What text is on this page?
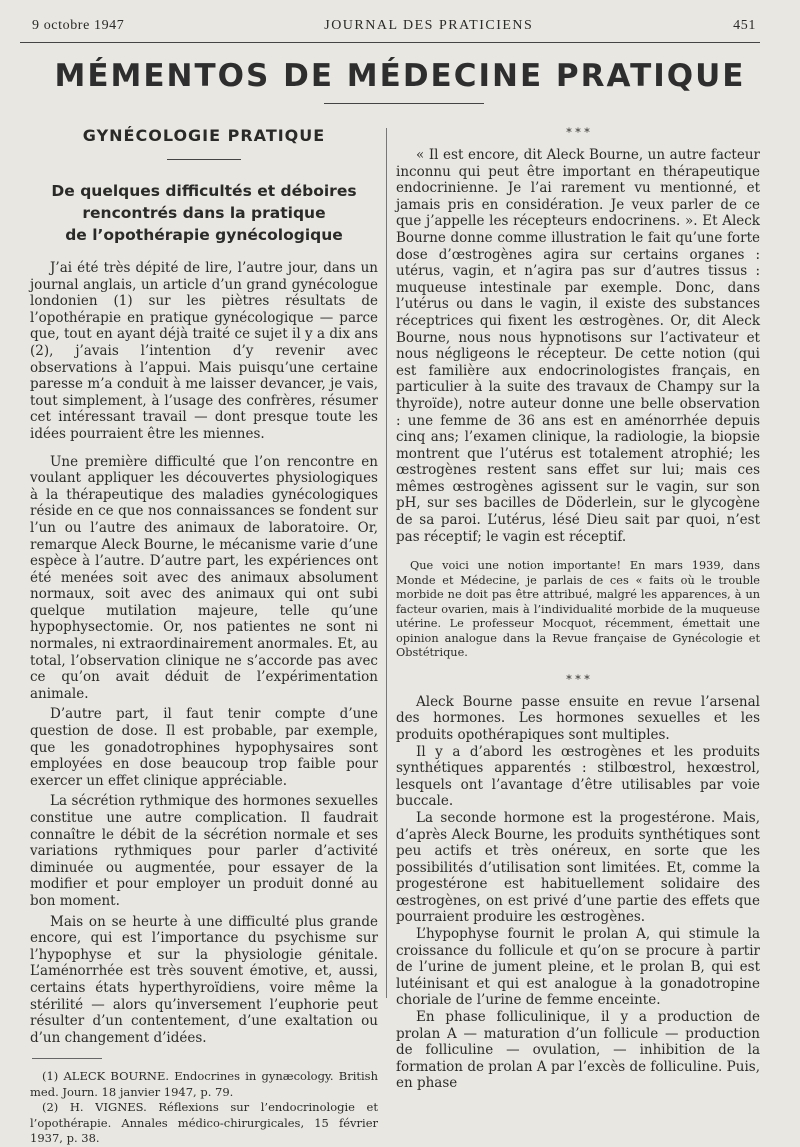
9 octobre 1947	JOURNAL DES PRATICIENS	451
MÉMENTOS DE MÉDECINE PRATIQUE
GYNÉCOLOGIE PRATIQUE
De quelques difficultés et déboires
rencontrés dans la pratique
de l’opothérapie gynécologique

J’ai été très dépité de lire, l’autre jour, dans un journal anglais, un article d’un grand gynécologue londonien (1) sur les piètres résultats de l’opothérapie en pratique gynécologique — parce que, tout en ayant déjà traité ce sujet il y a dix ans (2), j’avais l’intention d’y revenir avec observations à l’appui. Mais puisqu’une certaine paresse m’a conduit à me laisser devancer, je vais, tout simplement, à l’usage des confrères, résumer cet intéressant travail — dont presque toute les idées pourraient être les miennes.

Une première difficulté que l’on rencontre en voulant appliquer les découvertes physiologiques à la thérapeutique des maladies gynécologiques réside en ce que nos connaissances se fondent sur l’un ou l’autre des animaux de laboratoire. Or, remarque Aleck Bourne, le mécanisme varie d’une espèce à l’autre. D’autre part, les expériences ont été menées soit avec des animaux absolument normaux, soit avec des animaux qui ont subi quelque mutilation majeure, telle qu’une hypophysectomie. Or, nos patientes ne sont ni normales, ni extraordinairement anormales. Et, au total, l’observation clinique ne s’accorde pas avec ce qu’on avait déduit de l’expérimentation animale.

D’autre part, il faut tenir compte d’une question de dose. Il est probable, par exemple, que les gonadotrophines hypophysaires sont employées en dose beaucoup trop faible pour exercer un effet clinique appréciable.

La sécrétion rythmique des hormones sexuelles constitue une autre complication. Il faudrait connaître le débit de la sécrétion normale et ses variations rythmiques pour parler d’activité diminuée ou augmentée, pour essayer de la modifier et pour employer un produit donné au bon moment.

Mais on se heurte à une difficulté plus grande encore, qui est l’importance du psychisme sur l’hypophyse et sur la physiologie génitale. L’aménorrhée est très souvent émotive, et, aussi, certains états hyperthyroïdiens, voire même la stérilité — alors qu’inversement l’euphorie peut résulter d’un contentement, d’une exaltation ou d’un changement d’idées.

(1) ALECK BOURNE. Endocrines in gynæcology. British med. Journ. 18 janvier 1947, p. 79.

(2) H. VIGNES. Réflexions sur l’endocrinologie et l’opothérapie. Annales médico-chirurgicales, 15 février 1937, p. 38.

* * *

« Il est encore, dit Aleck Bourne, un autre facteur inconnu qui peut être important en thérapeutique endocrinienne. Je l’ai rarement vu mentionné, et jamais pris en considération. Je veux parler de ce que j’appelle les récepteurs endocrinens. ». Et Aleck Bourne donne comme illustration le fait qu’une forte dose d’œstrogènes agira sur certains organes : utérus, vagin, et n’agira pas sur d’autres tissus : muqueuse intestinale par exemple. Donc, dans l’utérus ou dans le vagin, il existe des substances réceptrices qui fixent les œstrogènes. Or, dit Aleck Bourne, nous nous hypnotisons sur l’activateur et nous négligeons le récepteur. De cette notion (qui est familière aux endocrinologistes français, en particulier à la suite des travaux de Champy sur la thyroïde), notre auteur donne une belle observation : une femme de 36 ans est en aménorrhée depuis cinq ans; l’examen clinique, la radiologie, la biopsie montrent que l’utérus est totalement atrophié; les œstrogènes restent sans effet sur lui; mais ces mêmes œstrogènes agissent sur le vagin, sur son pH, sur ses bacilles de Döderlein, sur le glycogène de sa paroi. L’utérus, lésé Dieu sait par quoi, n’est pas réceptif; le vagin est réceptif.

Que voici une notion importante! En mars 1939, dans Monde et Médecine, je parlais de ces « faits où le trouble morbide ne doit pas être attribué, malgré les apparences, à un facteur ovarien, mais à l’individualité morbide de la muqueuse utérine. Le professeur Mocquot, récemment, émettait une opinion analogue dans la Revue française de Gynécologie et Obstétrique.
* * *

Aleck Bourne passe ensuite en revue l’arsenal des hormones. Les hormones sexuelles et les produits opothérapiques sont multiples.

Il y a d’abord les œstrogènes et les produits synthétiques apparentés : stilbœstrol, hexœstrol, lesquels ont l’avantage d’être utilisables par voie buccale.

La seconde hormone est la progestérone. Mais, d’après Aleck Bourne, les produits synthétiques sont peu actifs et très onéreux, en sorte que les possibilités d’utilisation sont limitées. Et, comme la progestérone est habituellement solidaire des œstrogènes, on est privé d’une partie des effets que pourraient produire les œstrogènes.

L’hypophyse fournit le prolan A, qui stimule la croissance du follicule et qu’on se procure à partir de l’urine de jument pleine, et le prolan B, qui est lutéinisant et qui est analogue à la gonadotropine choriale de l’urine de femme enceinte.

En phase folliculinique, il y a production de prolan A — maturation d’un follicule — production de folliculine — ovulation, — inhibition de la formation de prolan A par l’excès de folliculine. Puis, en phase
